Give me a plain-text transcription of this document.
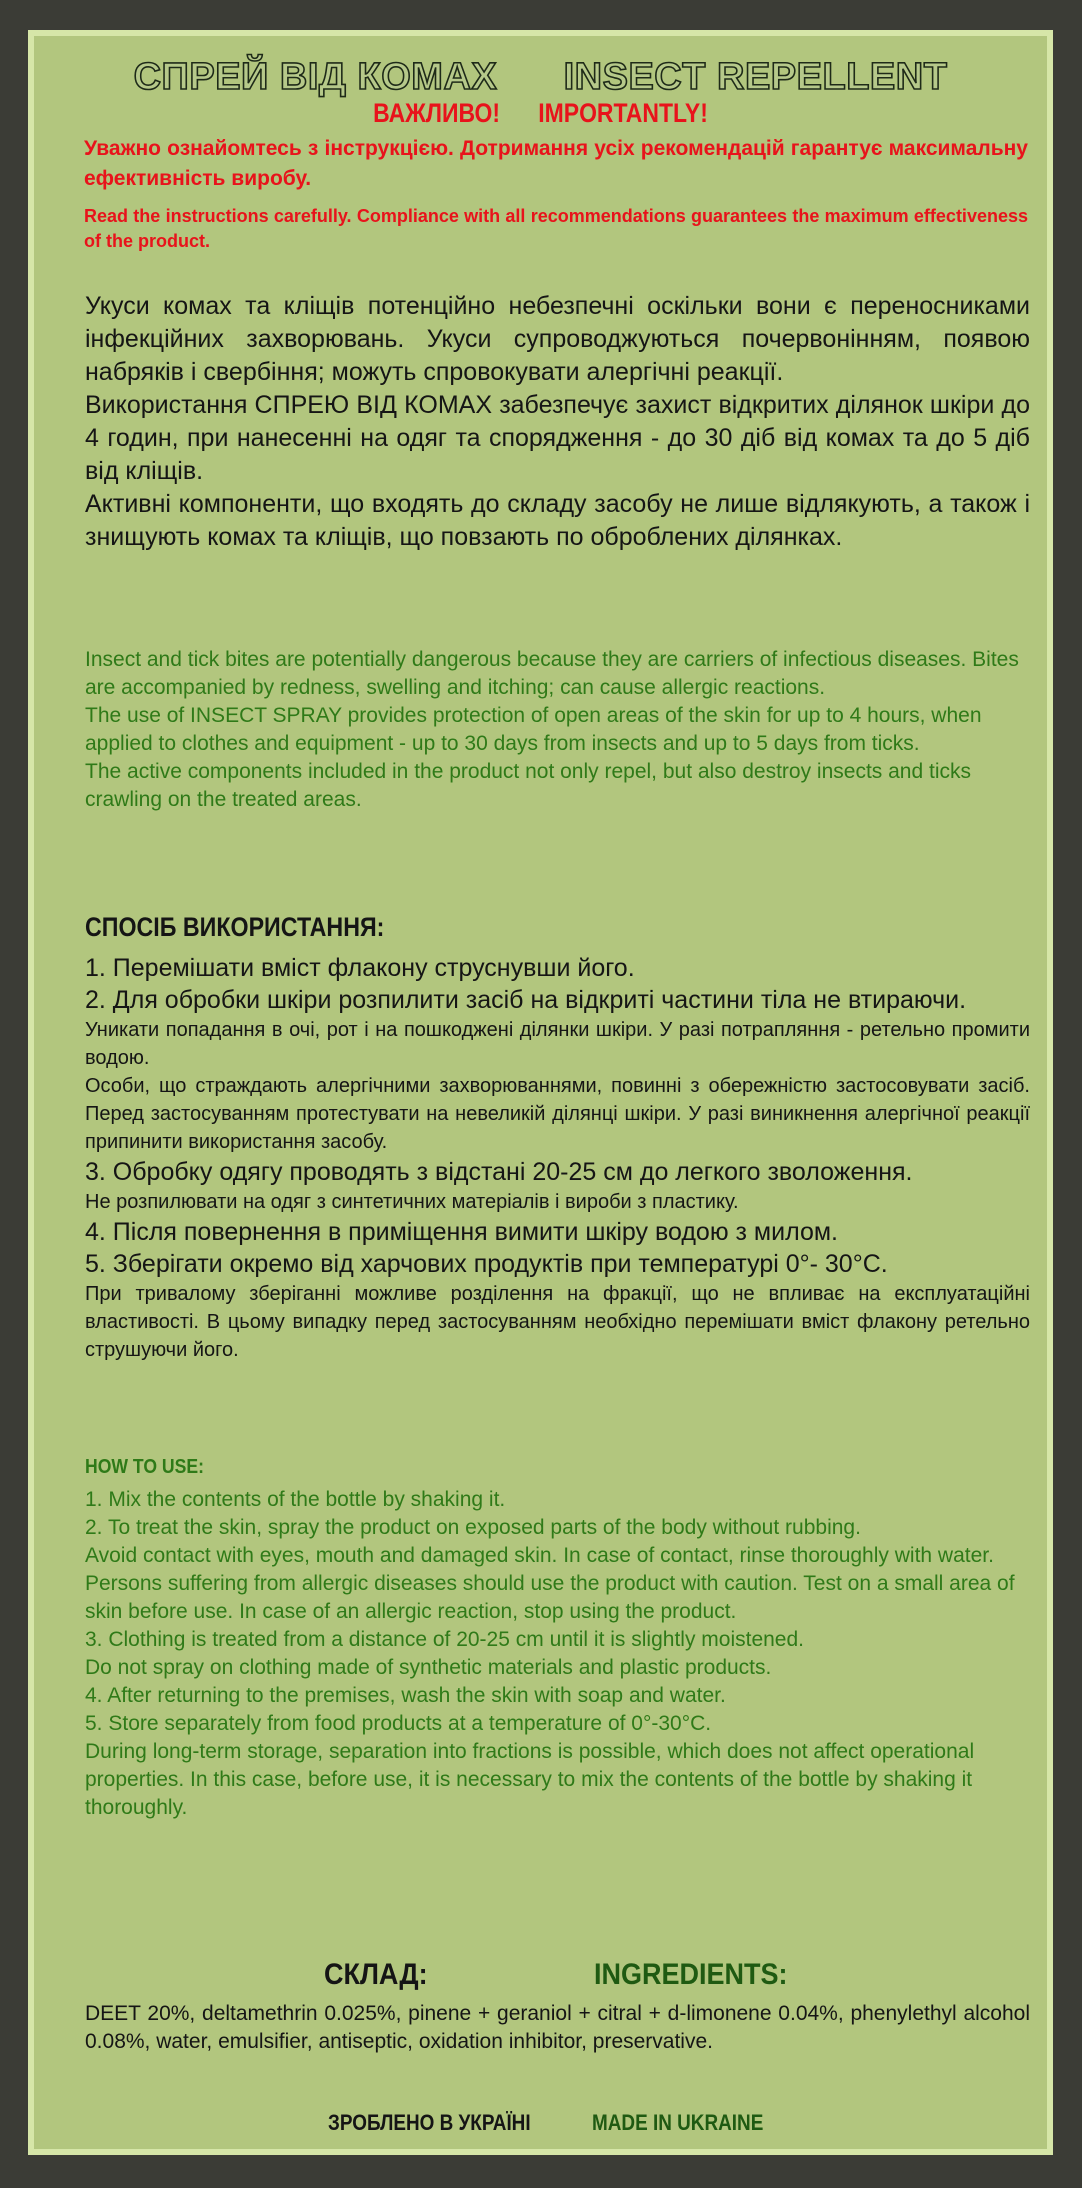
СПРЕЙ ВІД КОМАХ INSECT REPELLENT
ВАЖЛИВО! IMPORTANTLY!
Уважно ознайомтесь з інструкцією. Дотримання усіх рекомендацій гарантує максимальну ефективність виробу.
Read the instructions carefully. Compliance with all recommendations guarantees the maximum effectiveness of the product.

Укуси комах та кліщів потенційно небезпечні оскільки вони є переносниками інфекційних захворювань. Укуси супроводжуються почервонінням, появою набряків і свербіння; можуть спровокувати алергічні реакції.

Використання СПРЕЮ ВІД КОМАХ забезпечує захист відкритих ділянок шкіри до 4 годин, при нанесенні на одяг та спорядження - до 30 діб від комах та до 5 діб від кліщів.

Активні компоненти, що входять до складу засобу не лише відлякують, а також і знищують комах та кліщів, що повзають по оброблених ділянках.

Insect and tick bites are potentially dangerous because they are carriers of infectious diseases. Bites are accompanied by redness, swelling and itching; can cause allergic reactions.

The use of INSECT SPRAY provides protection of open areas of the skin for up to 4 hours, when applied to clothes and equipment - up to 30 days from insects and up to 5 days from ticks.

The active components included in the product not only repel, but also destroy insects and ticks crawling on the treated areas.

СПОСІБ ВИКОРИСТАННЯ:

1. Перемішати вміст флакону струснувши його.

2. Для обробки шкіри розпилити засіб на відкриті частини тіла не втираючи.

Уникати попадання в очі, рот і на пошкоджені ділянки шкіри. У разі потрапляння - ретельно промити водою.

Особи, що страждають алергічними захворюваннями, повинні з обережністю застосовувати засіб. Перед застосуванням протестувати на невеликій ділянці шкіри. У разі виникнення алергічної реакції припинити використання засобу.

3. Обробку одягу проводять з відстані 20-25 см до легкого зволоження.

Не розпилювати на одяг з синтетичних матеріалів і вироби з пластику.

4. Після повернення в приміщення вимити шкіру водою з милом.

5. Зберігати окремо від харчових продуктів при температурі 0°- 30°С.

При тривалому зберіганні можливе розділення на фракції, що не впливає на експлуатаційні властивості. В цьому випадку перед застосуванням необхідно перемішати вміст флакону ретельно струшуючи його.

HOW TO USE:

1. Mix the contents of the bottle by shaking it.

2. To treat the skin, spray the product on exposed parts of the body without rubbing.

Avoid contact with eyes, mouth and damaged skin. In case of contact, rinse thoroughly with water.

Persons suffering from allergic diseases should use the product with caution. Test on a small area of skin before use. In case of an allergic reaction, stop using the product.

3. Clothing is treated from a distance of 20-25 cm until it is slightly moistened.

Do not spray on clothing made of synthetic materials and plastic products.

4. After returning to the premises, wash the skin with soap and water.

5. Store separately from food products at a temperature of 0°-30°C.

During long-term storage, separation into fractions is possible, which does not affect operational properties. In this case, before use, it is necessary to mix the contents of the bottle by shaking it thoroughly.

СКЛАД:	INGREDIENTS:
DEET 20%, deltamethrin 0.025%, pinene + geraniol + citral + d-limonene 0.04%, phenylethyl alcohol 0.08%, water, emulsifier, antiseptic, oxidation inhibitor, preservative.
ЗРОБЛЕНО В УКРАЇНІ	MADE IN UKRAINE
